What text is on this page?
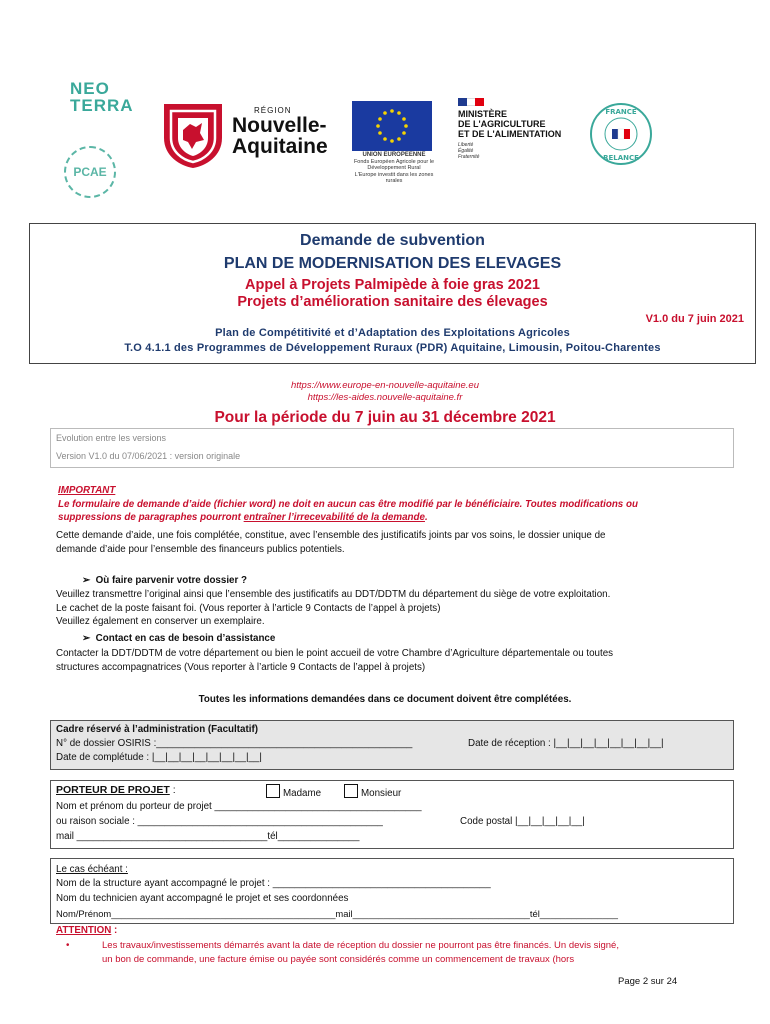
NEO
TERRA
PCAE
RÉGION
Nouvelle-
Aquitaine	UNION EUROPEENNE
Fonds Européen Agricole pour le Développement Rural
L'Europe investit dans les zones rurales
MINISTÈRE
DE L'AGRICULTURE
ET DE L'ALIMENTATION
Liberté
Égalité
Fraternité
FRANCE
RELANCE
Demande de subvention
PLAN DE MODERNISATION DES ELEVAGES
Appel à Projets Palmipède à foie gras 2021
Projets d’amélioration sanitaire des élevages
V1.0 du 7 juin 2021
Plan de Compétitivité et d’Adaptation des Exploitations Agricoles
T.O 4.1.1 des Programmes de Développement Ruraux (PDR) Aquitaine, Limousin, Poitou-Charentes
https://www.europe-en-nouvelle-aquitaine.eu
https://les-aides.nouvelle-aquitaine.fr
Pour la période du 7 juin au 31 décembre 2021
Evolution entre les versions
Version V1.0 du 07/06/2021 : version originale
IMPORTANT
Le formulaire de demande d’aide (fichier word) ne doit en aucun cas être modifié par le bénéficiaire. Toutes modifications ou
suppressions de paragraphes pourront entraîner l’irrecevabilité de la demande.
Cette demande d’aide, une fois complétée, constitue, avec l’ensemble des justificatifs joints par vos soins, le dossier unique de
demande d’aide pour l’ensemble des financeurs publics potentiels.
➢  Où faire parvenir votre dossier ?
Veuillez transmettre l’original ainsi que l’ensemble des justificatifs au DDT/DDTM du département du siège de votre exploitation.
Le cachet de la poste faisant foi. (Vous reporter à l’article 9 Contacts de l’appel à projets)
Veuillez également en conserver un exemplaire.
➢  Contact en cas de besoin d’assistance
Contacter la DDT/DDTM de votre département ou bien le point accueil de votre Chambre d’Agriculture départementale ou toutes
structures accompagnatrices (Vous reporter à l’article 9 Contacts de l’appel à projets)
Toutes les informations demandées dans ce document doivent être complétées.
Cadre réservé à l’administration (Facultatif)
N° de dossier OSIRIS :_______________________________________________	Date de réception : |__|__|__|__|__|__|__|__|
Date de complétude : |__|__|__|__|__|__|__|__|
PORTEUR DE PROJET :	Madame	Monsieur
Nom et prénom du porteur de projet ______________________________________
ou raison sociale : _____________________________________________	Code postal |__|__|__|__|__|
mail ___________________________________tél_______________
Le cas échéant :
Nom de la structure ayant accompagné le projet : ________________________________________
Nom du technicien ayant accompagné le projet et ses coordonnées
Nom/Prénom___________________________________________mail__________________________________tél_______________
ATTENTION :
•	Les travaux/investissements démarrés avant la date de réception du dossier ne pourront pas être financés. Un devis signé,
un bon de commande, une facture émise ou payée sont considérés comme un commencement de travaux (hors
Page 2 sur 24
